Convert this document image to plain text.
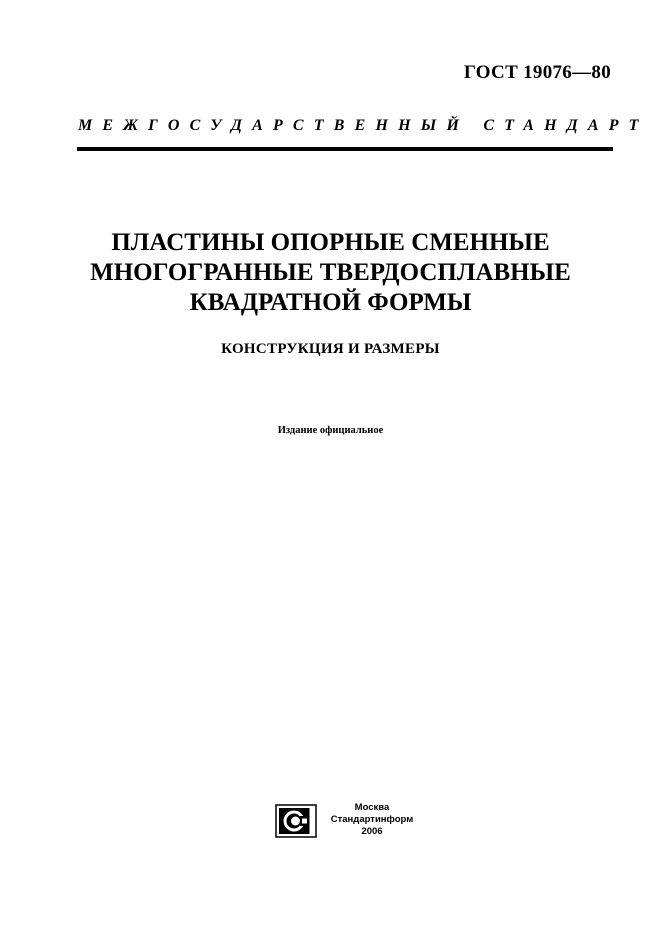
ГОСТ 19076—80
МЕЖГОСУДАРСТВЕННЫЙ СТАНДАРТ
ПЛАСТИНЫ ОПОРНЫЕ СМЕННЫЕ
МНОГОГРАННЫЕ ТВЕРДОСПЛАВНЫЕ
КВАДРАТНОЙ ФОРМЫ
КОНСТРУКЦИЯ И РАЗМЕРЫ
Издание официальное
Москва
Стандартинформ
2006
